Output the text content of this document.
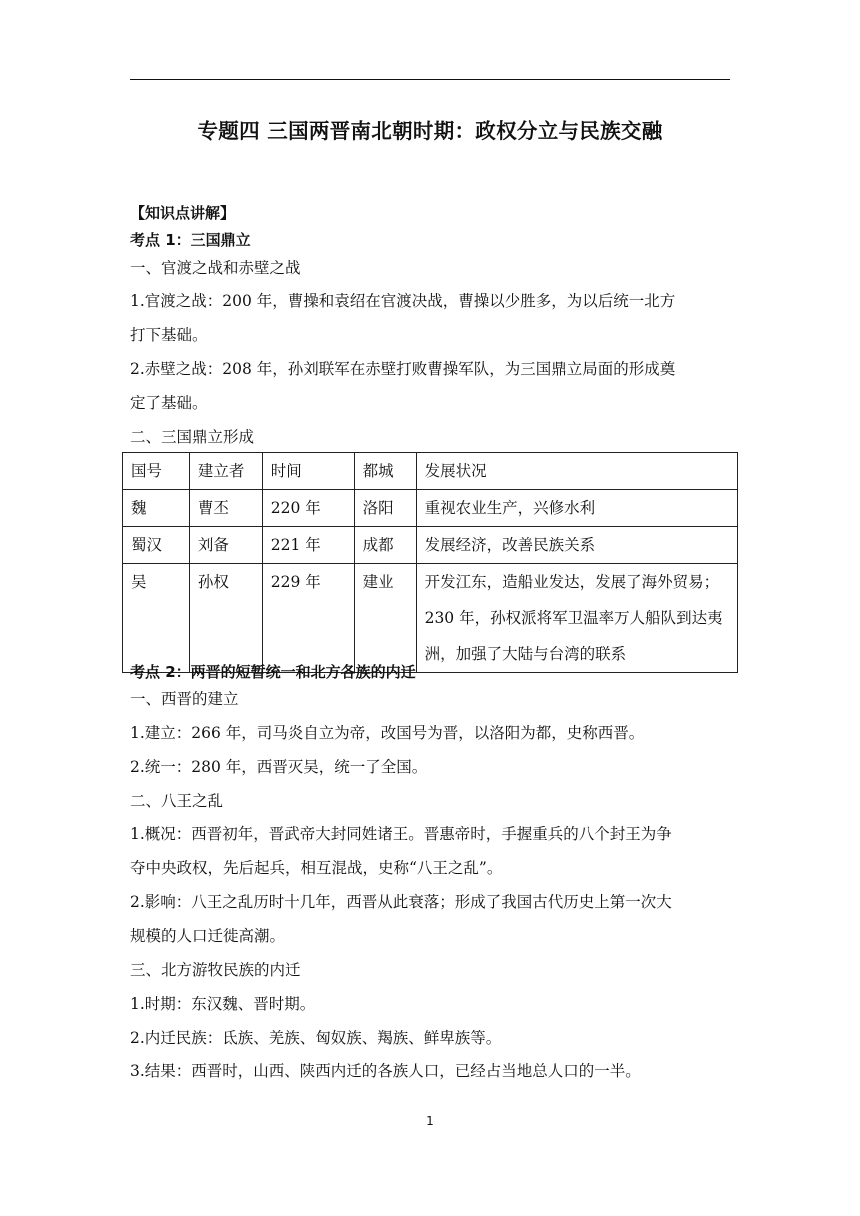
专题四 三国两晋南北朝时期：政权分立与民族交融
【知识点讲解】
考点 1：三国鼎立
一、官渡之战和赤壁之战
1.官渡之战：200 年，曹操和袁绍在官渡决战，曹操以少胜多，为以后统一北方
打下基础。
2.赤壁之战：208 年，孙刘联军在赤壁打败曹操军队，为三国鼎立局面的形成奠
定了基础。
二、三国鼎立形成
国号	建立者	时间	都城	发展状况
魏	曹丕	220 年	洛阳	重视农业生产，兴修水利
蜀汉	刘备	221 年	成都	发展经济，改善民族关系
吴	孙权	229 年	建业	开发江东，造船业发达，发展了海外贸易；230 年，孙权派将军卫温率万人船队到达夷洲，加强了大陆与台湾的联系
考点 2：两晋的短暂统一和北方各族的内迁
一、西晋的建立
1.建立：266 年，司马炎自立为帝，改国号为晋，以洛阳为都，史称西晋。
2.统一：280 年，西晋灭吴，统一了全国。
二、八王之乱
1.概况：西晋初年，晋武帝大封同姓诸王。晋惠帝时，手握重兵的八个封王为争
夺中央政权，先后起兵，相互混战，史称“八王之乱”。
2.影响：八王之乱历时十几年，西晋从此衰落；形成了我国古代历史上第一次大
规模的人口迁徙高潮。
三、北方游牧民族的内迁
1.时期：东汉魏、晋时期。
2.内迁民族：氐族、羌族、匈奴族、羯族、鲜卑族等。
3.结果：西晋时，山西、陕西内迁的各族人口，已经占当地总人口的一半。
1
